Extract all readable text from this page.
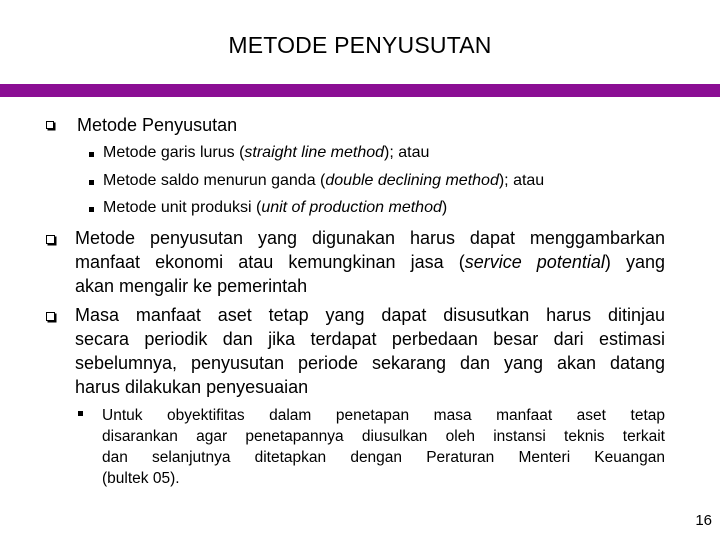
METODE PENYUSUTAN
Metode Penyusutan
Metode garis lurus (straight line method); atau
Metode saldo menurun ganda (double declining method); atau
Metode unit produksi (unit of production method)
Metode penyusutan yang digunakan harus dapat menggambarkan
manfaat ekonomi atau kemungkinan jasa (service potential) yang
akan mengalir ke pemerintah
Masa manfaat aset tetap yang dapat disusutkan harus ditinjau
secara periodik dan jika terdapat perbedaan besar dari estimasi
sebelumnya, penyusutan periode sekarang dan yang akan datang
harus dilakukan penyesuaian
Untuk obyektifitas dalam penetapan masa manfaat aset tetap
disarankan agar penetapannya diusulkan oleh instansi teknis terkait
dan selanjutnya ditetapkan dengan Peraturan Menteri Keuangan
(bultek 05).
16
